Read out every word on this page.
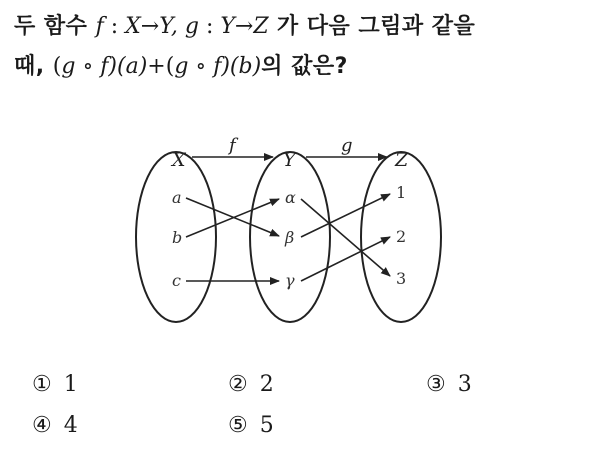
두 함수 f : X→Y, g : Y→Z 가 다음 그림과 같을
때, (g ∘ f)(a)+(g ∘ f)(b)의 값은?
X	Y	Z
f	g
a
b
c
α
β
γ
1
2
3
① 1	② 2	③ 3
④ 4	⑤ 5
